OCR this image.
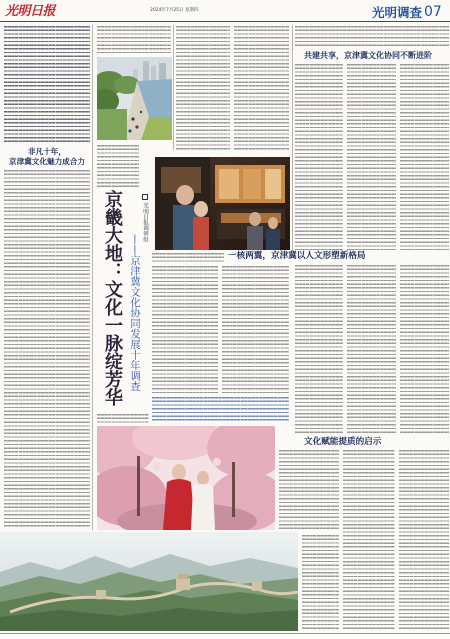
光明日报	2024年7月25日 星期四	光明调查 07
非凡十年，
京津冀文化魅力成合力
京畿大地：文化一脉绽芳华 ——京津冀文化协同发展十年调查
光明日报调研组
共建共享，京津冀文化协同不断进阶
一核两翼，京津冀以人文形塑新格局
文化赋能提质的启示
